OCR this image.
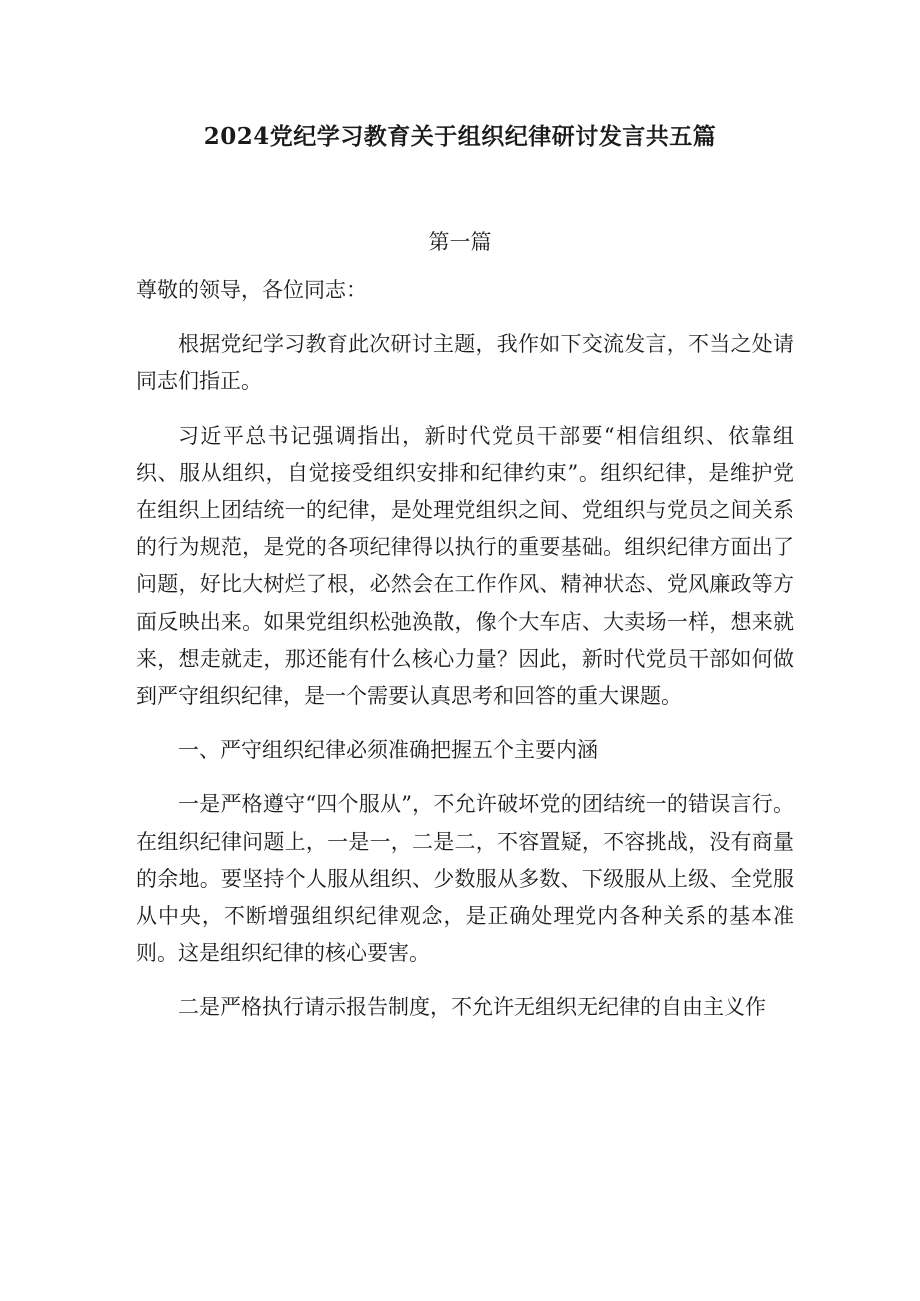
2024党纪学习教育关于组织纪律研讨发言共五篇
第一篇

尊敬的领导，各位同志：

根据党纪学习教育此次研讨主题，我作如下交流发言，不当之处请同志们指正。

习近平总书记强调指出，新时代党员干部要“相信组织、依靠组织、服从组织，自觉接受组织安排和纪律约束”。组织纪律，是维护党在组织上团结统一的纪律，是处理党组织之间、党组织与党员之间关系的行为规范，是党的各项纪律得以执行的重要基础。组织纪律方面出了问题，好比大树烂了根，必然会在工作作风、精神状态、党风廉政等方面反映出来。如果党组织松弛涣散，像个大车店、大卖场一样，想来就来，想走就走，那还能有什么核心力量？因此，新时代党员干部如何做到严守组织纪律，是一个需要认真思考和回答的重大课题。

一、严守组织纪律必须准确把握五个主要内涵

一是严格遵守“四个服从”，不允许破坏党的团结统一的错误言行。在组织纪律问题上，一是一，二是二，不容置疑，不容挑战，没有商量的余地。要坚持个人服从组织、少数服从多数、下级服从上级、全党服从中央，不断增强组织纪律观念，是正确处理党内各种关系的基本准则。这是组织纪律的核心要害。

二是严格执行请示报告制度，不允许无组织无纪律的自由主义作
